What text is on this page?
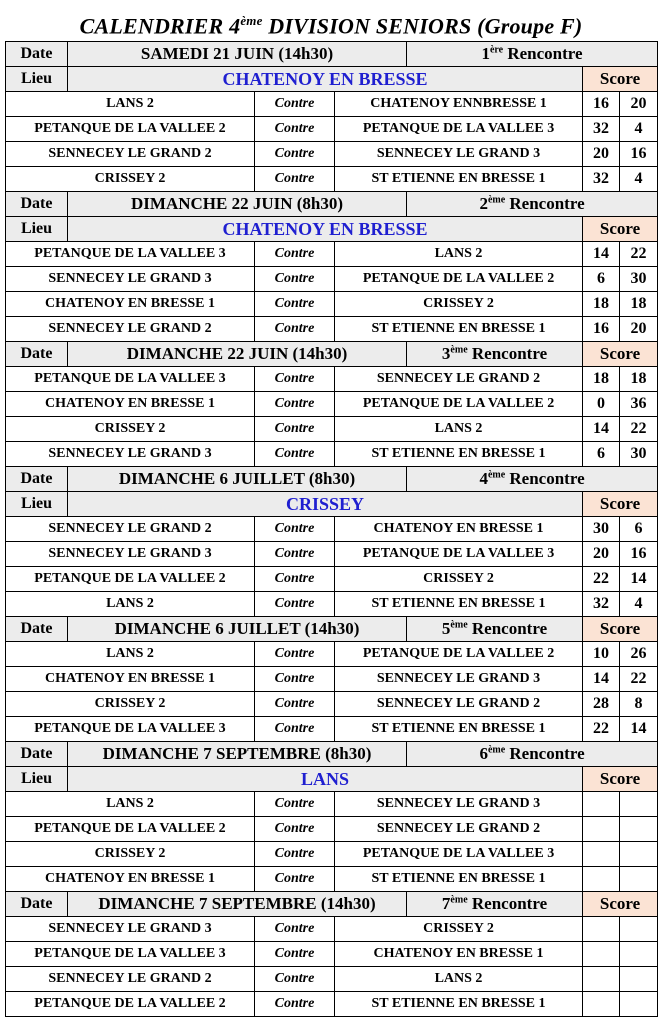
CALENDRIER 4ème DIVISION SENIORS (Groupe F)
Date	SAMEDI 21 JUIN (14h30)			1ère Rencontre		
Lieu	CHATENOY EN BRESSE				Score	
LANS 2		Contre	CHATENOY ENNBRESSE 1		16	20
PETANQUE DE LA VALLEE 2		Contre	PETANQUE DE LA VALLEE 3		32	4
SENNECEY LE GRAND 2		Contre	SENNECEY LE GRAND 3		20	16
CRISSEY 2		Contre	ST ETIENNE EN BRESSE 1		32	4
Date	DIMANCHE 22 JUIN (8h30)			2ème Rencontre		
Lieu	CHATENOY EN BRESSE				Score	
PETANQUE DE LA VALLEE 3		Contre	LANS 2		14	22
SENNECEY LE GRAND 3		Contre	PETANQUE DE LA VALLEE 2		6	30
CHATENOY EN BRESSE 1		Contre	CRISSEY 2		18	18
SENNECEY LE GRAND 2		Contre	ST ETIENNE EN BRESSE 1		16	20
Date	DIMANCHE 22 JUIN (14h30)			3ème Rencontre	Score	
PETANQUE DE LA VALLEE 3		Contre	SENNECEY LE GRAND 2		18	18
CHATENOY EN BRESSE 1		Contre	PETANQUE DE LA VALLEE 2		0	36
CRISSEY 2		Contre	LANS 2		14	22
SENNECEY LE GRAND 3		Contre	ST ETIENNE EN BRESSE 1		6	30
Date	DIMANCHE 6 JUILLET (8h30)			4ème Rencontre		
Lieu	CRISSEY				Score	
SENNECEY LE GRAND 2		Contre	CHATENOY EN BRESSE 1		30	6
SENNECEY LE GRAND 3		Contre	PETANQUE DE LA VALLEE 3		20	16
PETANQUE DE LA VALLEE 2		Contre	CRISSEY 2		22	14
LANS 2		Contre	ST ETIENNE EN BRESSE 1		32	4
Date	DIMANCHE 6 JUILLET (14h30)			5ème Rencontre	Score	
LANS 2		Contre	PETANQUE DE LA VALLEE 2		10	26
CHATENOY EN BRESSE 1		Contre	SENNECEY LE GRAND 3		14	22
CRISSEY 2		Contre	SENNECEY LE GRAND 2		28	8
PETANQUE DE LA VALLEE 3		Contre	ST ETIENNE EN BRESSE 1		22	14
Date	DIMANCHE 7 SEPTEMBRE (8h30)			6ème Rencontre		
Lieu	LANS				Score	
LANS 2		Contre	SENNECEY LE GRAND 3			
PETANQUE DE LA VALLEE 2		Contre	SENNECEY LE GRAND 2			
CRISSEY 2		Contre	PETANQUE DE LA VALLEE 3			
CHATENOY EN BRESSE 1		Contre	ST ETIENNE EN BRESSE 1			
Date	DIMANCHE 7 SEPTEMBRE (14h30)			7ème Rencontre	Score	
SENNECEY LE GRAND 3		Contre	CRISSEY 2			
PETANQUE DE LA VALLEE 3		Contre	CHATENOY EN BRESSE 1			
SENNECEY LE GRAND 2		Contre	LANS 2			
PETANQUE DE LA VALLEE 2		Contre	ST ETIENNE EN BRESSE 1			
